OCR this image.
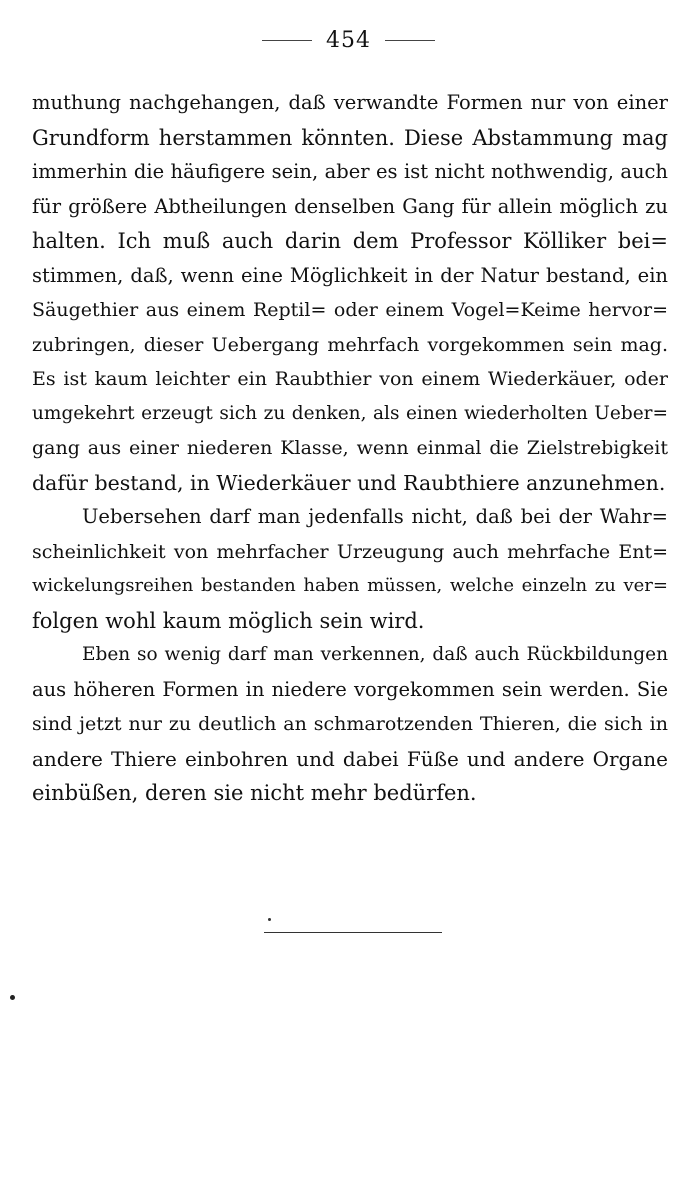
454
muthung nachgehangen, daß verwandte Formen nur von einer
Grundform herstammen könnten. Diese Abstammung mag
immerhin die häufigere sein, aber es ist nicht nothwendig, auch
für größere Abtheilungen denselben Gang für allein möglich zu
halten. Ich muß auch darin dem Professor Kölliker bei=
stimmen, daß, wenn eine Möglichkeit in der Natur bestand, ein
Säugethier aus einem Reptil= oder einem Vogel=Keime hervor=
zubringen, dieser Uebergang mehrfach vorgekommen sein mag.
Es ist kaum leichter ein Raubthier von einem Wiederkäuer, oder
umgekehrt erzeugt sich zu denken, als einen wiederholten Ueber=
gang aus einer niederen Klasse, wenn einmal die Zielstrebigkeit
dafür bestand, in Wiederkäuer und Raubthiere anzunehmen.
Uebersehen darf man jedenfalls nicht, daß bei der Wahr=
scheinlichkeit von mehrfacher Urzeugung auch mehrfache Ent=
wickelungsreihen bestanden haben müssen, welche einzeln zu ver=
folgen wohl kaum möglich sein wird.
Eben so wenig darf man verkennen, daß auch Rückbildungen
aus höheren Formen in niedere vorgekommen sein werden. Sie
sind jetzt nur zu deutlich an schmarotzenden Thieren, die sich in
andere Thiere einbohren und dabei Füße und andere Organe
einbüßen, deren sie nicht mehr bedürfen.
